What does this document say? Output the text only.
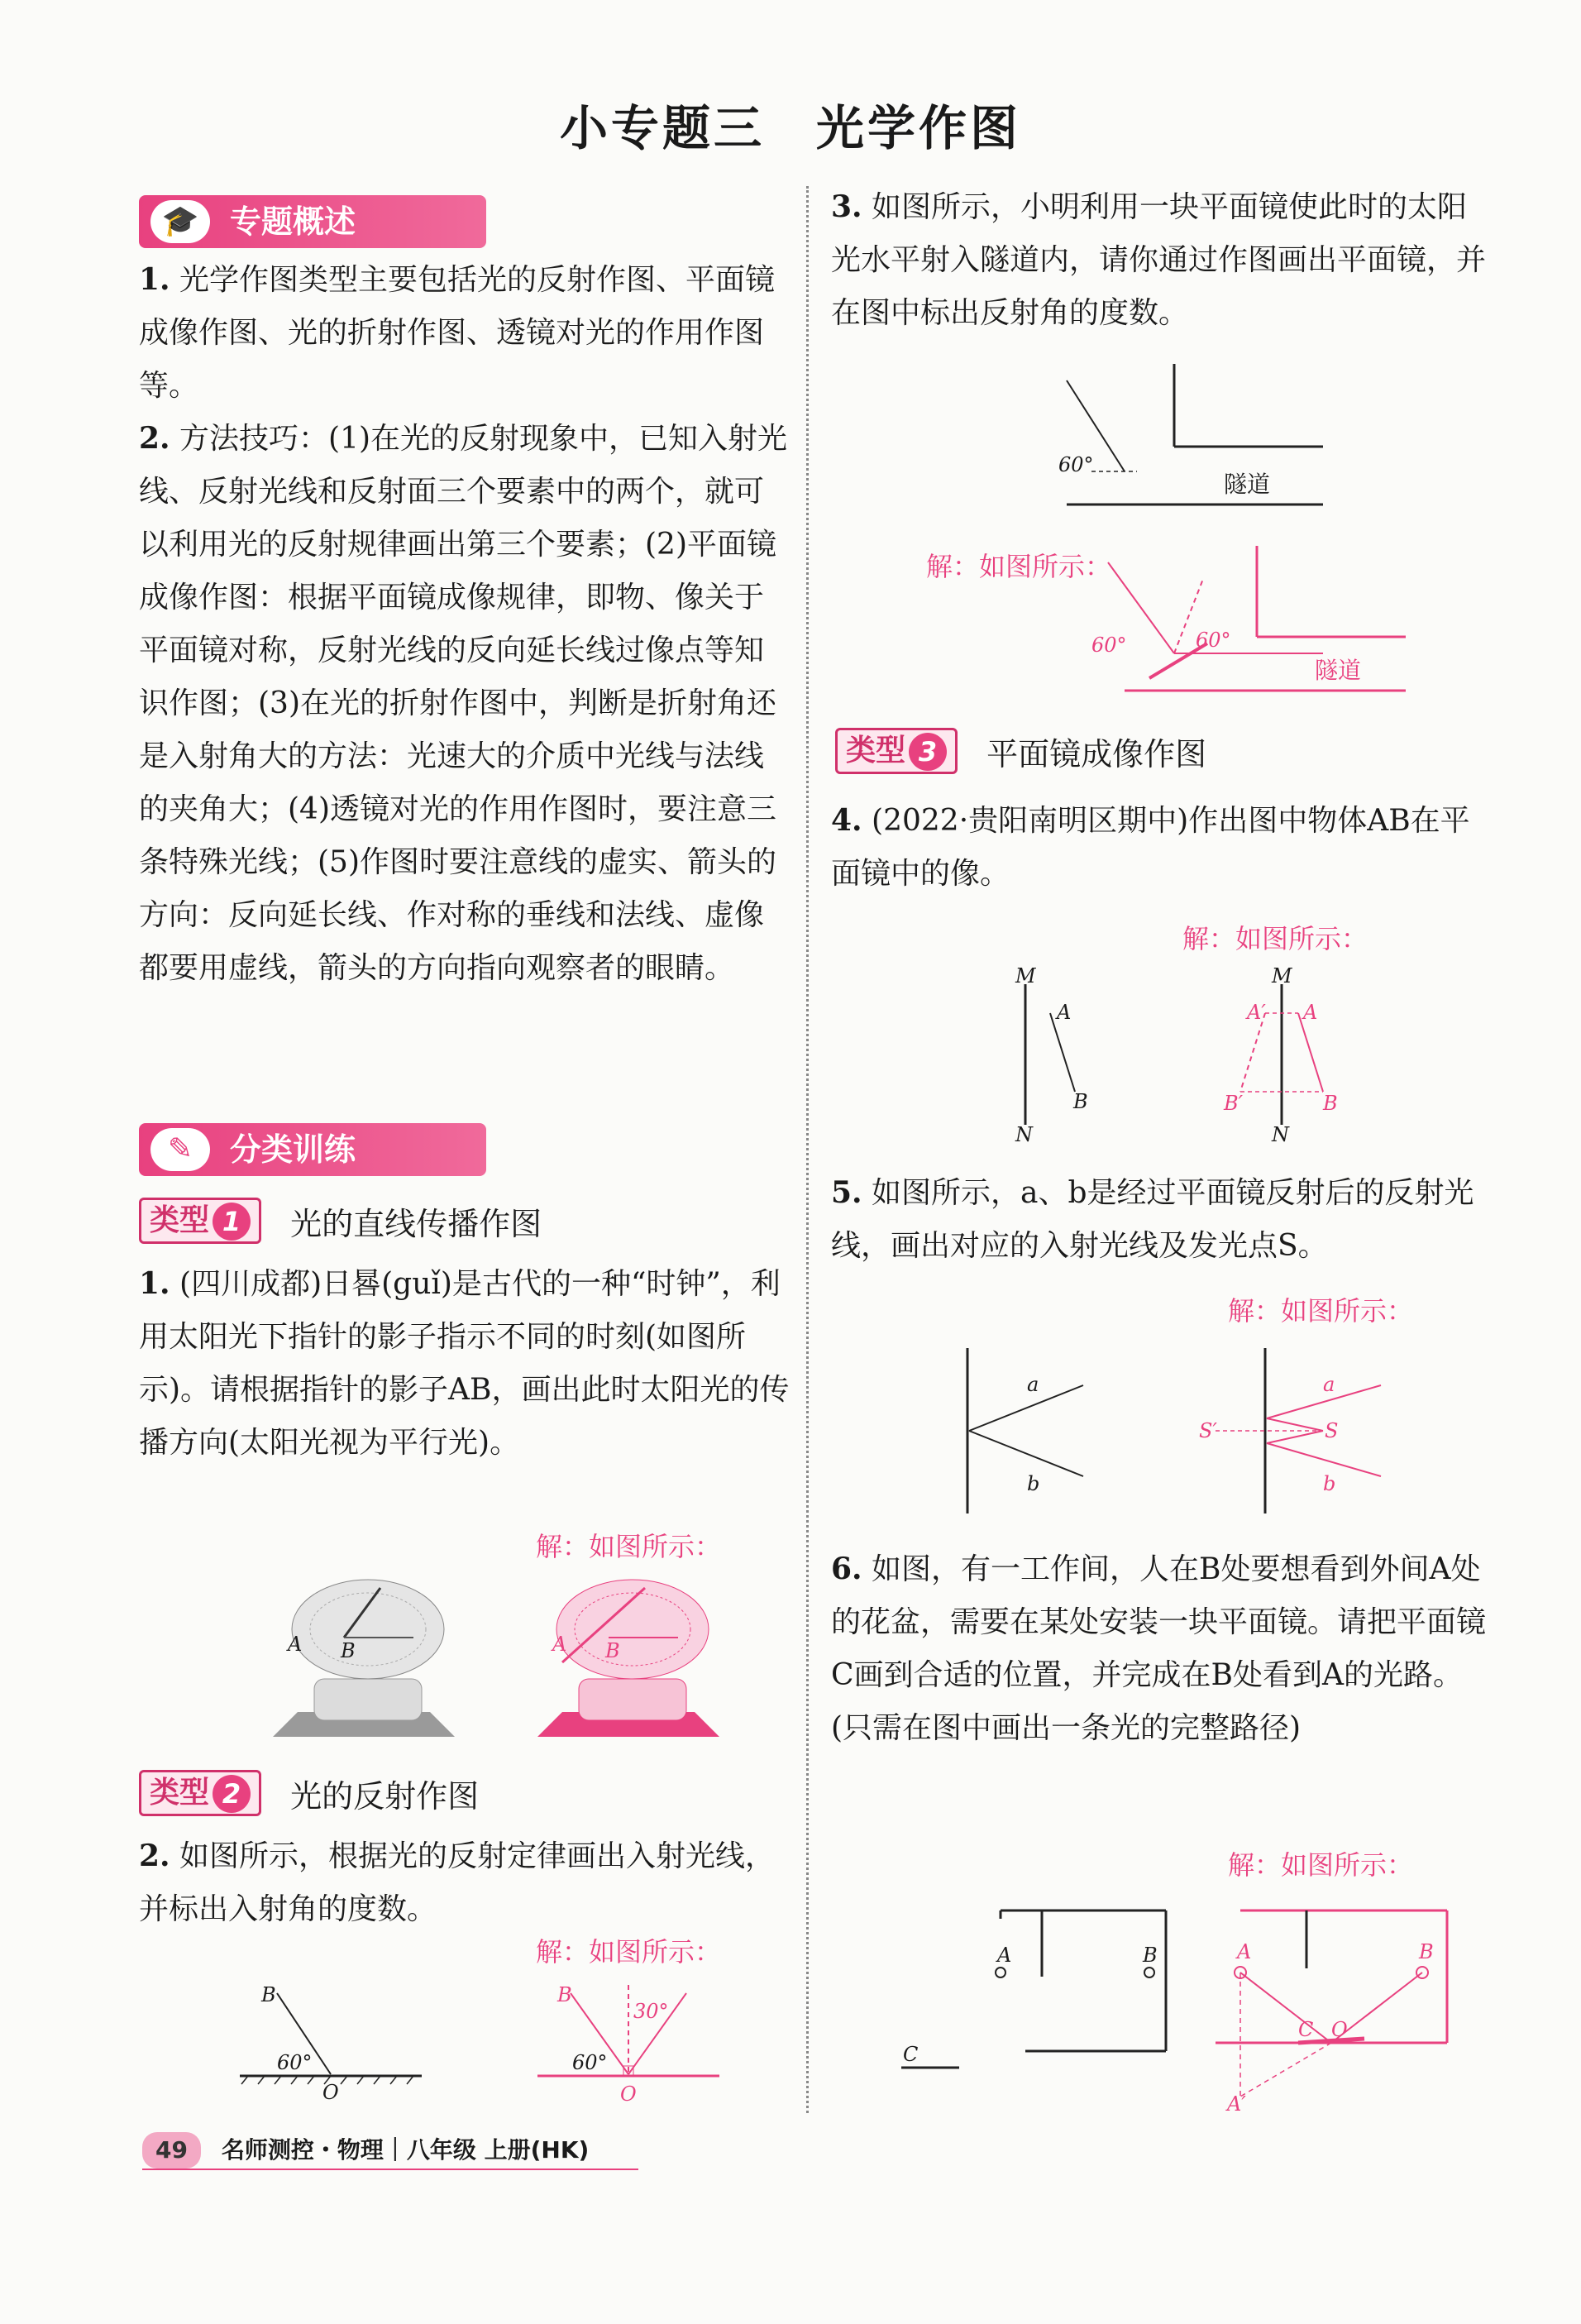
小专题三　光学作图
🎓 专题概述
1. 光学作图类型主要包括光的反射作图、平面镜成像作图、光的折射作图、透镜对光的作用作图等。
2. 方法技巧：(1)在光的反射现象中，已知入射光线、反射光线和反射面三个要素中的两个，就可以利用光的反射规律画出第三个要素；(2)平面镜成像作图：根据平面镜成像规律，即物、像关于平面镜对称，反射光线的反向延长线过像点等知识作图；(3)在光的折射作图中，判断是折射角还是入射角大的方法：光速大的介质中光线与法线的夹角大；(4)透镜对光的作用作图时，要注意三条特殊光线；(5)作图时要注意线的虚实、箭头的方向：反向延长线、作对称的垂线和法线、虚像都要用虚线，箭头的方向指向观察者的眼睛。
✎	分类训练
类型 1 光的直线传播作图
1. (四川成都)日晷(guǐ)是古代的一种“时钟”，利用太阳光下指针的影子指示不同的时刻(如图所示)。请根据指针的影子AB，画出此时太阳光的传播方向(太阳光视为平行光)。
解：如图所示：
A B	A B
类型 2 光的反射作图
2. 如图所示，根据光的反射定律画出入射光线，并标出入射角的度数。
解：如图所示：
B
60°
O
B
30°
60°
O
3. 如图所示，小明利用一块平面镜使此时的太阳光水平射入隧道内，请你通过作图画出平面镜，并在图中标出反射角的度数。
60°
隧道
解：如图所示：
60°	60°
隧道
类型 3 平面镜成像作图
4. (2022·贵阳南明区期中)作出图中物体AB在平面镜中的像。
解：如图所示：
M
N
A
B
M
N
A′ A
B′	B
5. 如图所示，a、b是经过平面镜反射后的反射光线，画出对应的入射光线及发光点S。
解：如图所示：
a
b
S′	S
a
b
6. 如图，有一工作间，人在B处要想看到外间A处的花盆，需要在某处安装一块平面镜。请把平面镜C画到合适的位置，并完成在B处看到A的光路。(只需在图中画出一条光的完整路径)
解：如图所示：
A	B
C
A	B
C O
A′
49 名师测控・物理｜八年级 上册(HK)
